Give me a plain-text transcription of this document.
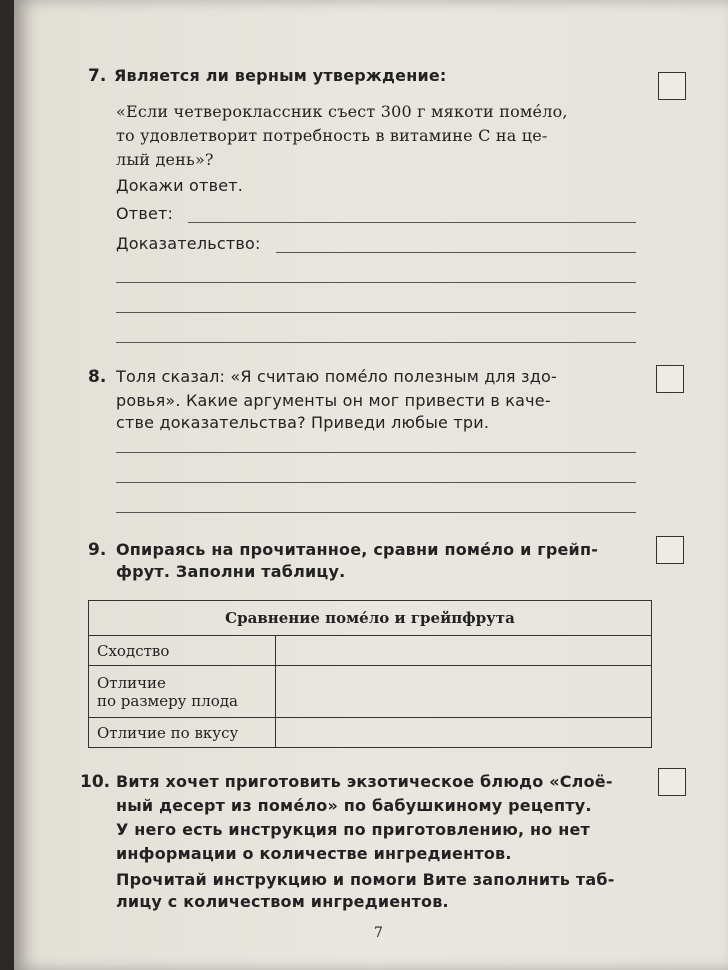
7. Является ли верным утверждение:
«Если четвероклассник съест 300 г мякоти поме́ло,
то удовлетворит потребность в витамине С на це-
лый день»?
Докажи ответ.
Ответ:
Доказательство:
8. Толя сказал: «Я считаю поме́ло полезным для здо-
ровья». Какие аргументы он мог привести в каче-
стве доказательства? Приведи любые три.
9. Опираясь на прочитанное, сравни поме́ло и грейп-
фрут. Заполни таблицу.
Сравнение поме́ло и грейпфрута	
Сходство	
Отличие
по размеру плода	
Отличие по вкусу	
10. Витя хочет приготовить экзотическое блюдо «Слоё-
ный десерт из поме́ло» по бабушкиному рецепту.
У него есть инструкция по приготовлению, но нет
информации о количестве ингредиентов.
Прочитай инструкцию и помоги Вите заполнить таб-
лицу с количеством ингредиентов.
7
